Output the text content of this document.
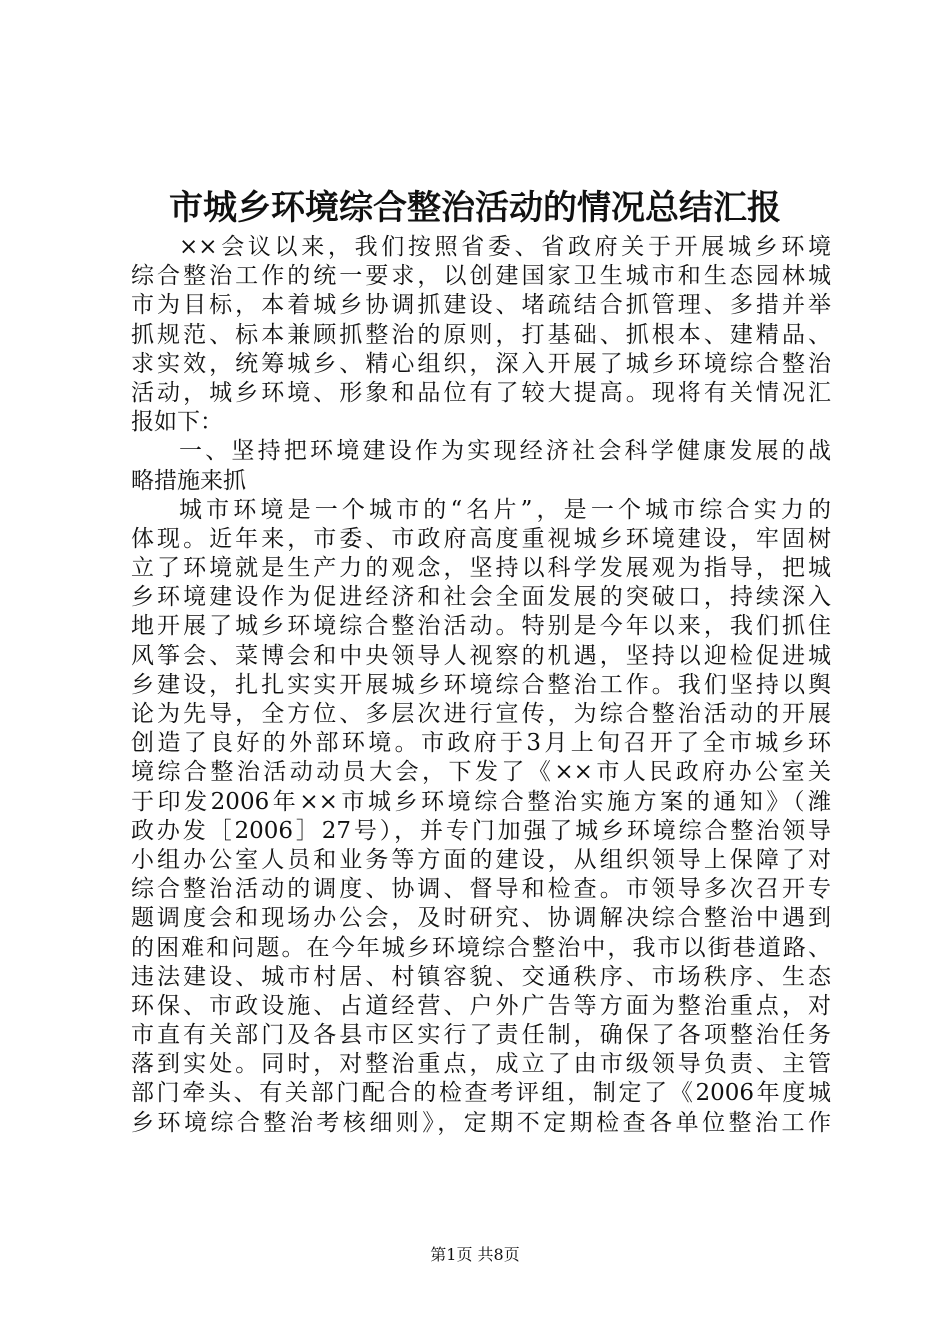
市城乡环境综合整治活动的情况总结汇报
××会议以来，我们按照省委、省政府关于开展城乡环境
综合整治工作的统一要求，以创建国家卫生城市和生态园林城
市为目标，本着城乡协调抓建设、堵疏结合抓管理、多措并举
抓规范、标本兼顾抓整治的原则，打基础、抓根本、建精品、
求实效，统筹城乡、精心组织，深入开展了城乡环境综合整治
活动，城乡环境、形象和品位有了较大提高。现将有关情况汇
报如下：
一、坚持把环境建设作为实现经济社会科学健康发展的战
略措施来抓
城市环境是一个城市的“名片”，是一个城市综合实力的
体现。近年来，市委、市政府高度重视城乡环境建设，牢固树
立了环境就是生产力的观念，坚持以科学发展观为指导，把城
乡环境建设作为促进经济和社会全面发展的突破口，持续深入
地开展了城乡环境综合整治活动。特别是今年以来，我们抓住
风筝会、菜博会和中央领导人视察的机遇，坚持以迎检促进城
乡建设，扎扎实实开展城乡环境综合整治工作。我们坚持以舆
论为先导，全方位、多层次进行宣传，为综合整治活动的开展
创造了良好的外部环境。市政府于3月上旬召开了全市城乡环
境综合整治活动动员大会，下发了《××市人民政府办公室关
于印发2006年××市城乡环境综合整治实施方案的通知》（潍
政办发［2006］27号），并专门加强了城乡环境综合整治领导
小组办公室人员和业务等方面的建设，从组织领导上保障了对
综合整治活动的调度、协调、督导和检查。市领导多次召开专
题调度会和现场办公会，及时研究、协调解决综合整治中遇到
的困难和问题。在今年城乡环境综合整治中，我市以街巷道路、
违法建设、城市村居、村镇容貌、交通秩序、市场秩序、生态
环保、市政设施、占道经营、户外广告等方面为整治重点，对
市直有关部门及各县市区实行了责任制，确保了各项整治任务
落到实处。同时，对整治重点，成立了由市级领导负责、主管
部门牵头、有关部门配合的检查考评组，制定了《2006年度城
乡环境综合整治考核细则》，定期不定期检查各单位整治工作
第1页 共8页
